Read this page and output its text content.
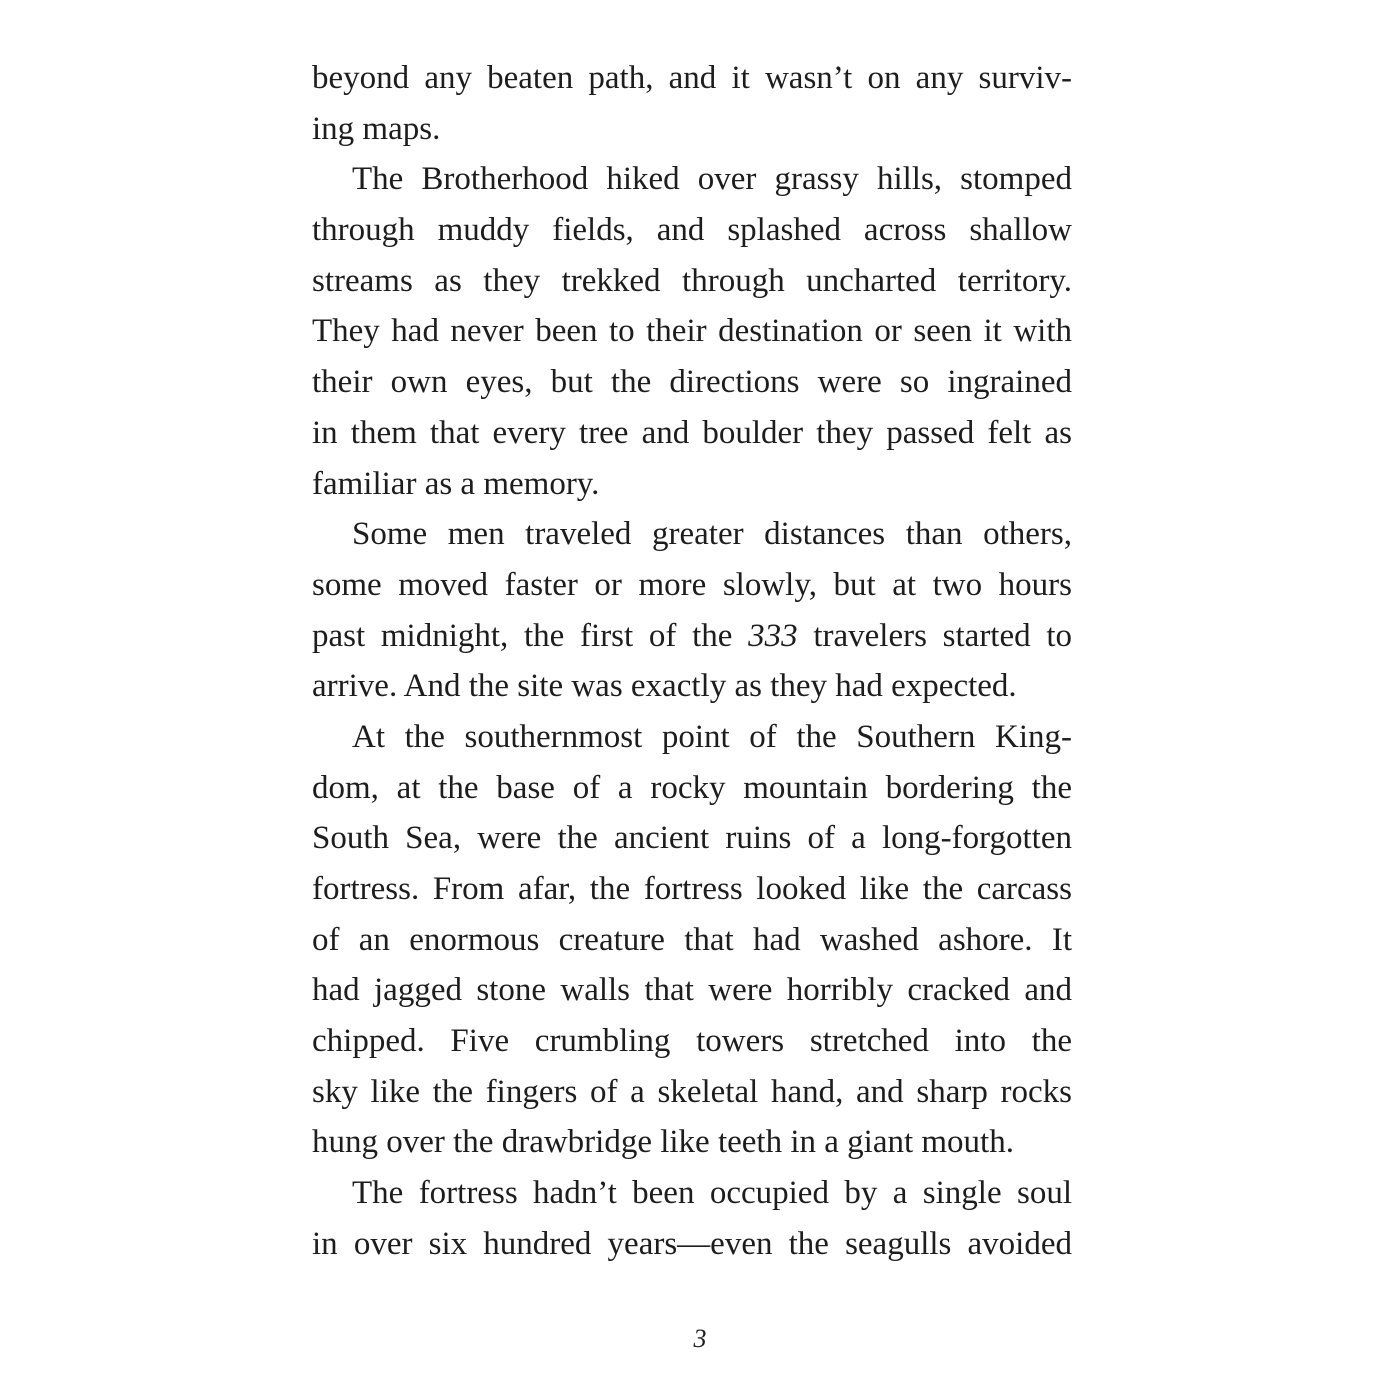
beyond any beaten path, and it wasn’t on any surviv-
ing maps.
The Brotherhood hiked over grassy hills, stomped
through muddy fields, and splashed across shallow
streams as they trekked through uncharted territory.
They had never been to their destination or seen it with
their own eyes, but the directions were so ingrained
in them that every tree and boulder they passed felt as
familiar as a memory.
Some men traveled greater distances than others,
some moved faster or more slowly, but at two hours
past midnight, the first of the 333 travelers started to
arrive. And the site was exactly as they had expected.
At the southernmost point of the Southern King-
dom, at the base of a rocky mountain bordering the
South Sea, were the ancient ruins of a long-forgotten
fortress. From afar, the fortress looked like the carcass
of an enormous creature that had washed ashore. It
had jagged stone walls that were horribly cracked and
chipped. Five crumbling towers stretched into the
sky like the fingers of a skeletal hand, and sharp rocks
hung over the drawbridge like teeth in a giant mouth.
The fortress hadn’t been occupied by a single soul
in over six hundred years—even the seagulls avoided
3
